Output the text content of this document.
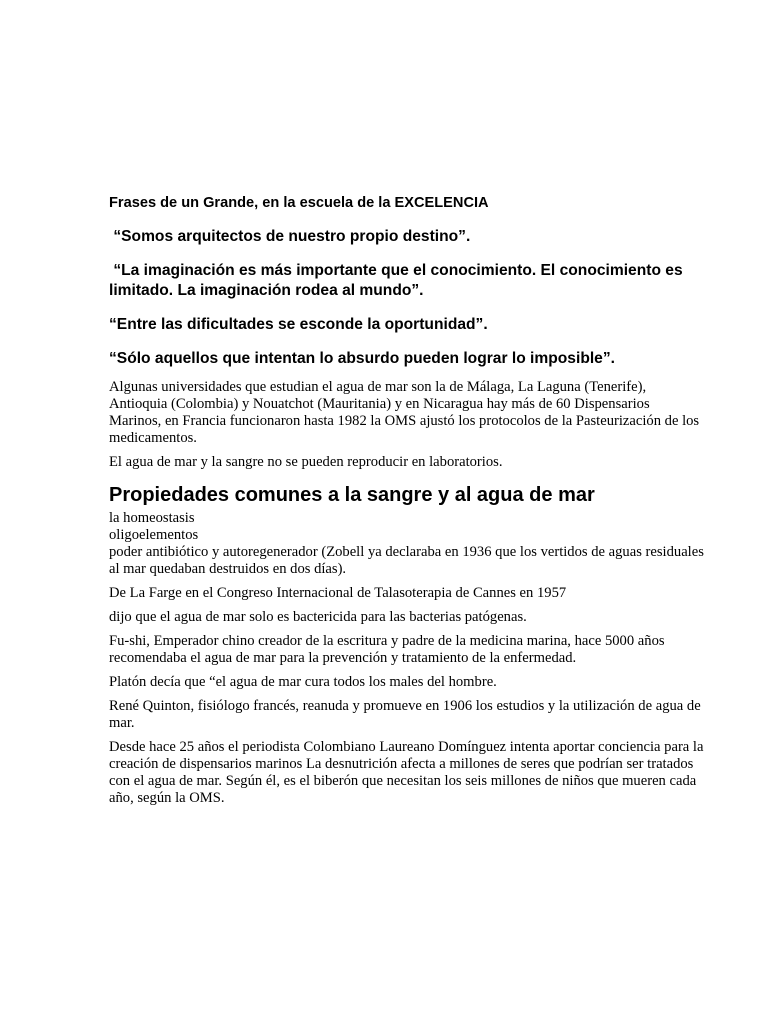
Frases de un Grande, en la escuela de la EXCELENCIA

“Somos arquitectos de nuestro propio destino”.

“La imaginación es más importante que el conocimiento. El conocimiento es limitado. La imaginación rodea al mundo”.

“Entre las dificultades se esconde la oportunidad”.

“Sólo aquellos que intentan lo absurdo pueden lograr lo imposible”.

Algunas universidades que estudian el agua de mar son la de Málaga, La Laguna (Tenerife), Antioquia (Colombia) y Nouatchot (Mauritania) y en Nicaragua hay más de 60 Dispensarios Marinos, en Francia funcionaron hasta 1982 la OMS ajustó los protocolos de la Pasteurización de los medicamentos.

El agua de mar y la sangre no se pueden reproducir en laboratorios.

Propiedades comunes a la sangre y al agua de mar

la homeostasis

oligoelementos

poder antibiótico y autoregenerador (Zobell ya declaraba en 1936 que los vertidos de aguas residuales al mar quedaban destruidos en dos días).

De La Farge en el Congreso Internacional de Talasoterapia de Cannes en 1957

dijo que el agua de mar solo es bactericida para las bacterias patógenas.

Fu-shi, Emperador chino creador de la escritura y padre de la medicina marina, hace 5000 años recomendaba el agua de mar para la prevención y tratamiento de la enfermedad.

Platón decía que “el agua de mar cura todos los males del hombre.

René Quinton, fisiólogo francés, reanuda y promueve en 1906 los estudios y la utilización de agua de mar.

Desde hace 25 años el periodista Colombiano Laureano Domínguez intenta aportar conciencia para la creación de dispensarios marinos La desnutrición afecta a millones de seres que podrían ser tratados con el agua de mar. Según él, es el biberón que necesitan los seis millones de niños que mueren cada año, según la OMS.
